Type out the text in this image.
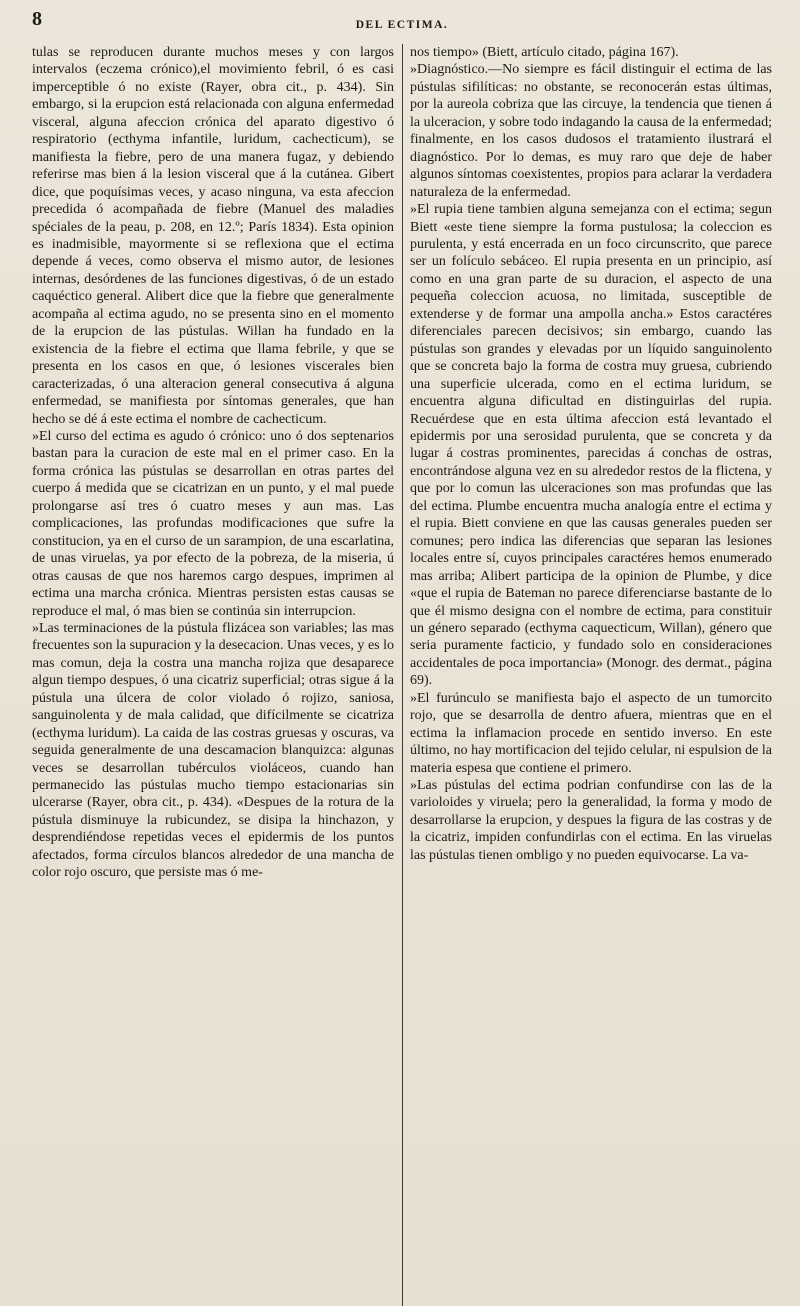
8	DEL ECTIMA.

tulas se reproducen durante muchos meses y con largos intervalos (eczema crónico),el movimiento febril, ó es casi imperceptible ó no existe (Rayer, obra cit., p. 434). Sin embargo, si la erupcion está relacionada con alguna enfermedad visceral, alguna afeccion crónica del aparato digestivo ó respiratorio (ecthyma infantile, luridum, cachecticum), se manifiesta la fiebre, pero de una manera fugaz, y debiendo referirse mas bien á la lesion visceral que á la cutánea. Gibert dice, que poquísimas veces, y acaso ninguna, va esta afeccion precedida ó acompañada de fiebre (Manuel des maladies spéciales de la peau, p. 208, en 12.º; París 1834). Esta opinion es inadmisible, mayormente si se reflexiona que el ectima depende á veces, como observa el mismo autor, de lesiones internas, desórdenes de las funciones digestivas, ó de un estado caquéctico general. Alibert dice que la fiebre que generalmente acompaña al ectima agudo, no se presenta sino en el momento de la erupcion de las pústulas. Willan ha fundado en la existencia de la fiebre el ectima que llama febrile, y que se presenta en los casos en que, ó lesiones viscerales bien caracterizadas, ó una alteracion general consecutiva á alguna enfermedad, se manifiesta por síntomas generales, que han hecho se dé á este ectima el nombre de cachecticum.

»El curso del ectima es agudo ó crónico: uno ó dos septenarios bastan para la curacion de este mal en el primer caso. En la forma crónica las pústulas se desarrollan en otras partes del cuerpo á medida que se cicatrizan en un punto, y el mal puede prolongarse así tres ó cuatro meses y aun mas. Las complicaciones, las profundas modificaciones que sufre la constitucion, ya en el curso de un sarampion, de una escarlatina, de unas viruelas, ya por efecto de la pobreza, de la miseria, ú otras causas de que nos haremos cargo despues, imprimen al ectima una marcha crónica. Mientras persisten estas causas se reproduce el mal, ó mas bien se continúa sin interrupcion.

»Las terminaciones de la pústula flizácea son variables; las mas frecuentes son la supuracion y la desecacion. Unas veces, y es lo mas comun, deja la costra una mancha rojiza que desaparece algun tiempo despues, ó una cicatriz superficial; otras sigue á la pústula una úlcera de color violado ó rojizo, saniosa, sanguinolenta y de mala calidad, que difícilmente se cicatriza (ecthyma luridum). La caida de las costras gruesas y oscuras, va seguida generalmente de una descamacion blanquizca: algunas veces se desarrollan tubérculos violáceos, cuando han permanecido las pústulas mucho tiempo estacionarias sin ulcerarse (Rayer, obra cit., p. 434). «Despues de la rotura de la pústula disminuye la rubicundez, se disipa la hinchazon, y desprendiéndose repetidas veces el epidermis de los puntos afectados, forma círculos blancos alrededor de una mancha de color rojo oscuro, que persiste mas ó me-

nos tiempo» (Biett, artículo citado, página 167).

»Diagnóstico.—No siempre es fácil distinguir el ectima de las pústulas sifilíticas: no obstante, se reconocerán estas últimas, por la aureola cobriza que las circuye, la tendencia que tienen á la ulceracion, y sobre todo indagando la causa de la enfermedad; finalmente, en los casos dudosos el tratamiento ilustrará el diagnóstico. Por lo demas, es muy raro que deje de haber algunos síntomas coexistentes, propios para aclarar la verdadera naturaleza de la enfermedad.

»El rupia tiene tambien alguna semejanza con el ectima; segun Biett «este tiene siempre la forma pustulosa; la coleccion es purulenta, y está encerrada en un foco circunscrito, que parece ser un folículo sebáceo. El rupia presenta en un principio, así como en una gran parte de su duracion, el aspecto de una pequeña coleccion acuosa, no limitada, susceptible de extenderse y de formar una ampolla ancha.» Estos caractéres diferenciales parecen decisivos; sin embargo, cuando las pústulas son grandes y elevadas por un líquido sanguinolento que se concreta bajo la forma de costra muy gruesa, cubriendo una superficie ulcerada, como en el ectima luridum, se encuentra alguna dificultad en distinguirlas del rupia. Recuérdese que en esta última afeccion está levantado el epidermis por una serosidad purulenta, que se concreta y da lugar á costras prominentes, parecidas á conchas de ostras, encontrándose alguna vez en su alrededor restos de la flictena, y que por lo comun las ulceraciones son mas profundas que las del ectima. Plumbe encuentra mucha analogía entre el ectima y el rupia. Biett conviene en que las causas generales pueden ser comunes; pero indica las diferencias que separan las lesiones locales entre sí, cuyos principales caractéres hemos enumerado mas arriba; Alibert participa de la opinion de Plumbe, y dice «que el rupia de Bateman no parece diferenciarse bastante de lo que él mismo designa con el nombre de ectima, para constituir un género separado (ecthyma caquecticum, Willan), género que seria puramente facticio, y fundado solo en consideraciones accidentales de poca importancia» (Monogr. des dermat., página 69).

»El furúnculo se manifiesta bajo el aspecto de un tumorcito rojo, que se desarrolla de dentro afuera, mientras que en el ectima la inflamacion procede en sentido inverso. En este último, no hay mortificacion del tejido celular, ni espulsion de la materia espesa que contiene el primero.

»Las pústulas del ectima podrian confundirse con las de la varioloides y viruela; pero la generalidad, la forma y modo de desarrollarse la erupcion, y despues la figura de las costras y de la cicatriz, impiden confundirlas con el ectima. En las viruelas las pústulas tienen ombligo y no pueden equivocarse. La va-
